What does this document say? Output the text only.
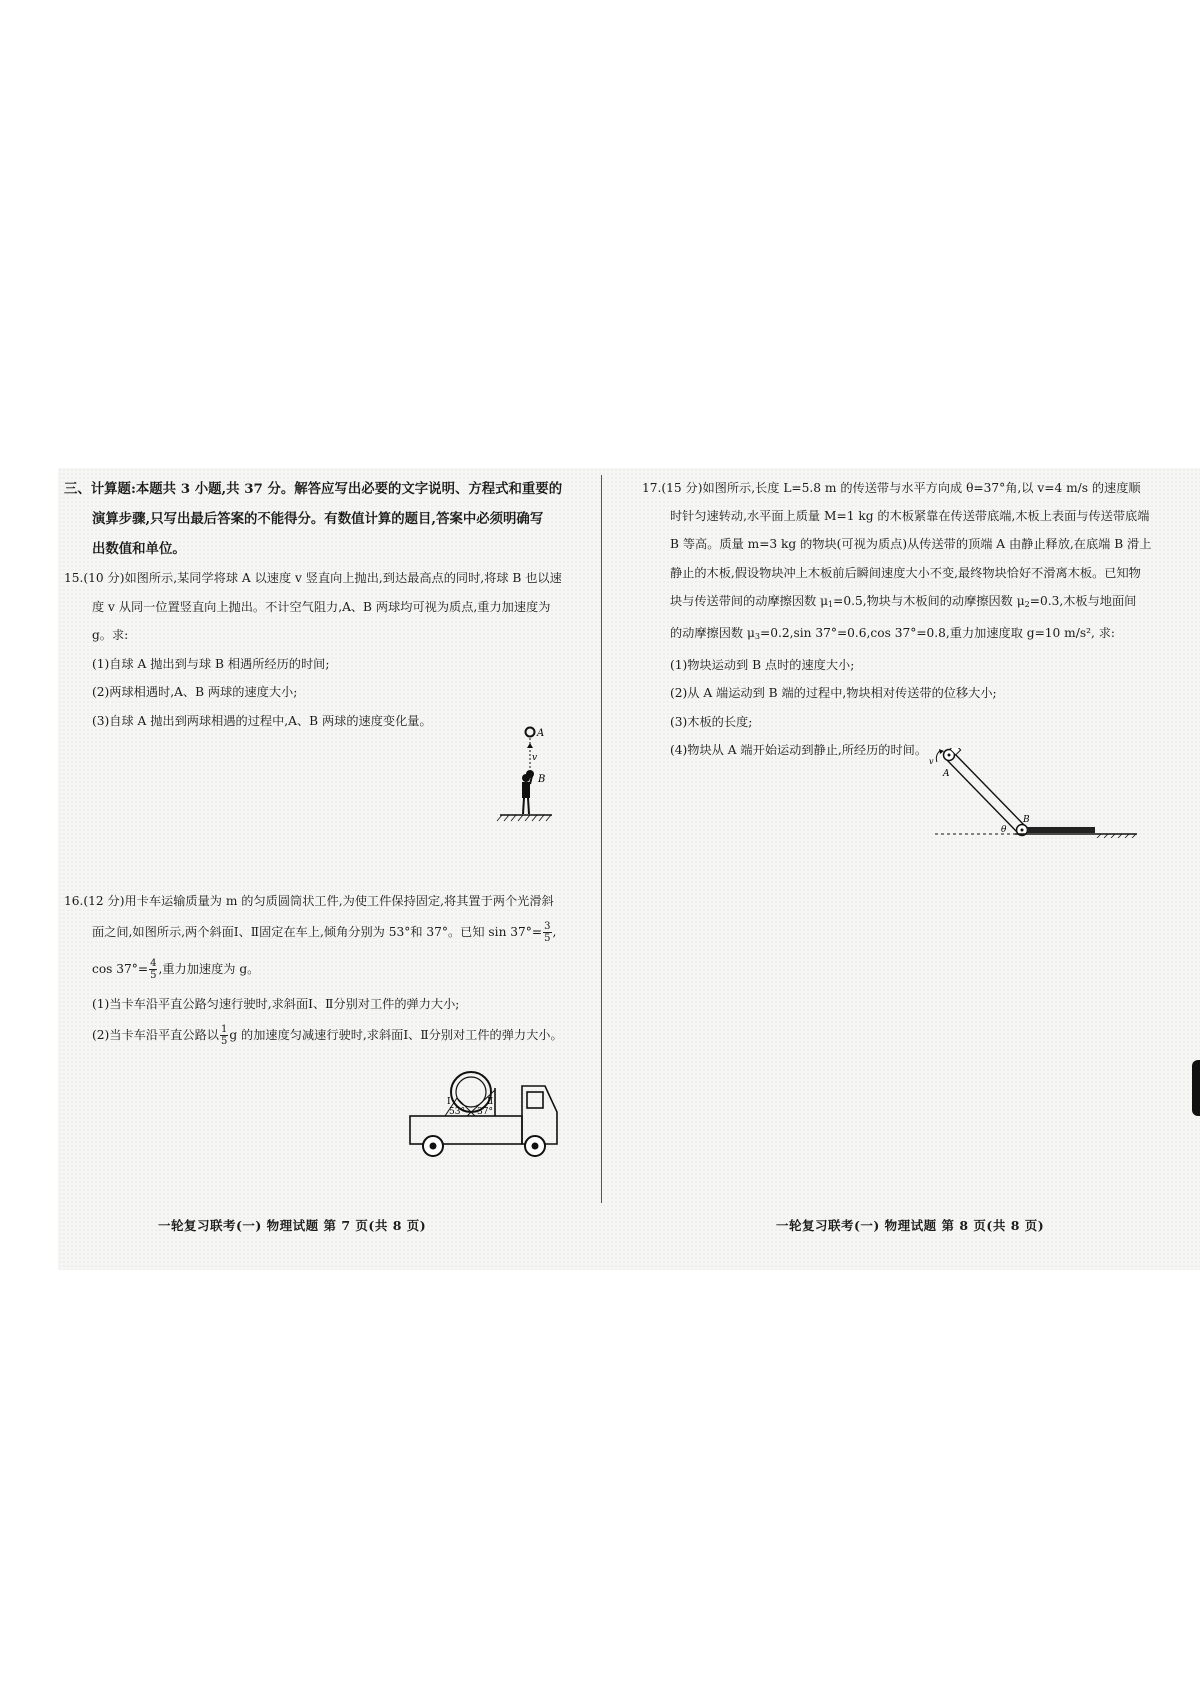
三、计算题:本题共 3 小题,共 37 分。解答应写出必要的文字说明、方程式和重要的

演算步骤,只写出最后答案的不能得分。有数值计算的题目,答案中必须明确写

出数值和单位。

15.(10 分)如图所示,某同学将球 A 以速度 v 竖直向上抛出,到达最高点的同时,将球 B 也以速

度 v 从同一位置竖直向上抛出。不计空气阻力,A、B 两球均可视为质点,重力加速度为

g。求:

(1)自球 A 抛出到与球 B 相遇所经历的时间;

(2)两球相遇时,A、B 两球的速度大小;

(3)自球 A 抛出到两球相遇的过程中,A、B 两球的速度变化量。

A
v
B

16.(12 分)用卡车运输质量为 m 的匀质圆筒状工件,为使工件保持固定,将其置于两个光滑斜

面之间,如图所示,两个斜面Ⅰ、Ⅱ固定在车上,倾角分别为 53°和 37°。已知 $\sin 37^\circ= \frac{3}{5}$ ,

$\cos 37^\circ= \frac{4}{5}$ ,重力加速度为 g。

(1)当卡车沿平直公路匀速行驶时,求斜面Ⅰ、Ⅱ分别对工件的弹力大小;

(2)当卡车沿平直公路以 $\frac{1}{5}$ g 的加速度匀减速行驶时,求斜面Ⅰ、Ⅱ分别对工件的弹力大小。

53° 37°
Ⅰ	Ⅱ
一轮复习联考(一) 物理试题 第 7 页(共 8 页)

17.(15 分)如图所示,长度 L=5.8 m 的传送带与水平方向成 θ=37°角,以 v=4 m/s 的速度顺

时针匀速转动,水平面上质量 M=1 kg 的木板紧靠在传送带底端,木板上表面与传送带底端

B 等高。质量 m=3 kg 的物块(可视为质点)从传送带的顶端 A 由静止释放,在底端 B 滑上

静止的木板,假设物块冲上木板前后瞬间速度大小不变,最终物块恰好不滑离木板。已知物

块与传送带间的动摩擦因数 $\mu_1=0.5$,物块与木板间的动摩擦因数 $\mu_2=0.3$,木板与地面间

的动摩擦因数 $\mu_3=0.2,\sin$ 37°=0.6,cos 37°=0.8,重力加速度取 g=10 m/s², 求:

(1)物块运动到 B 点时的速度大小;

(2)从 A 端运动到 B 端的过程中,物块相对传送带的位移大小;

(3)木板的长度;

(4)物块从 A 端开始运动到静止,所经历的时间。

v
A
B
θ
一轮复习联考(一) 物理试题 第 8 页(共 8 页)
